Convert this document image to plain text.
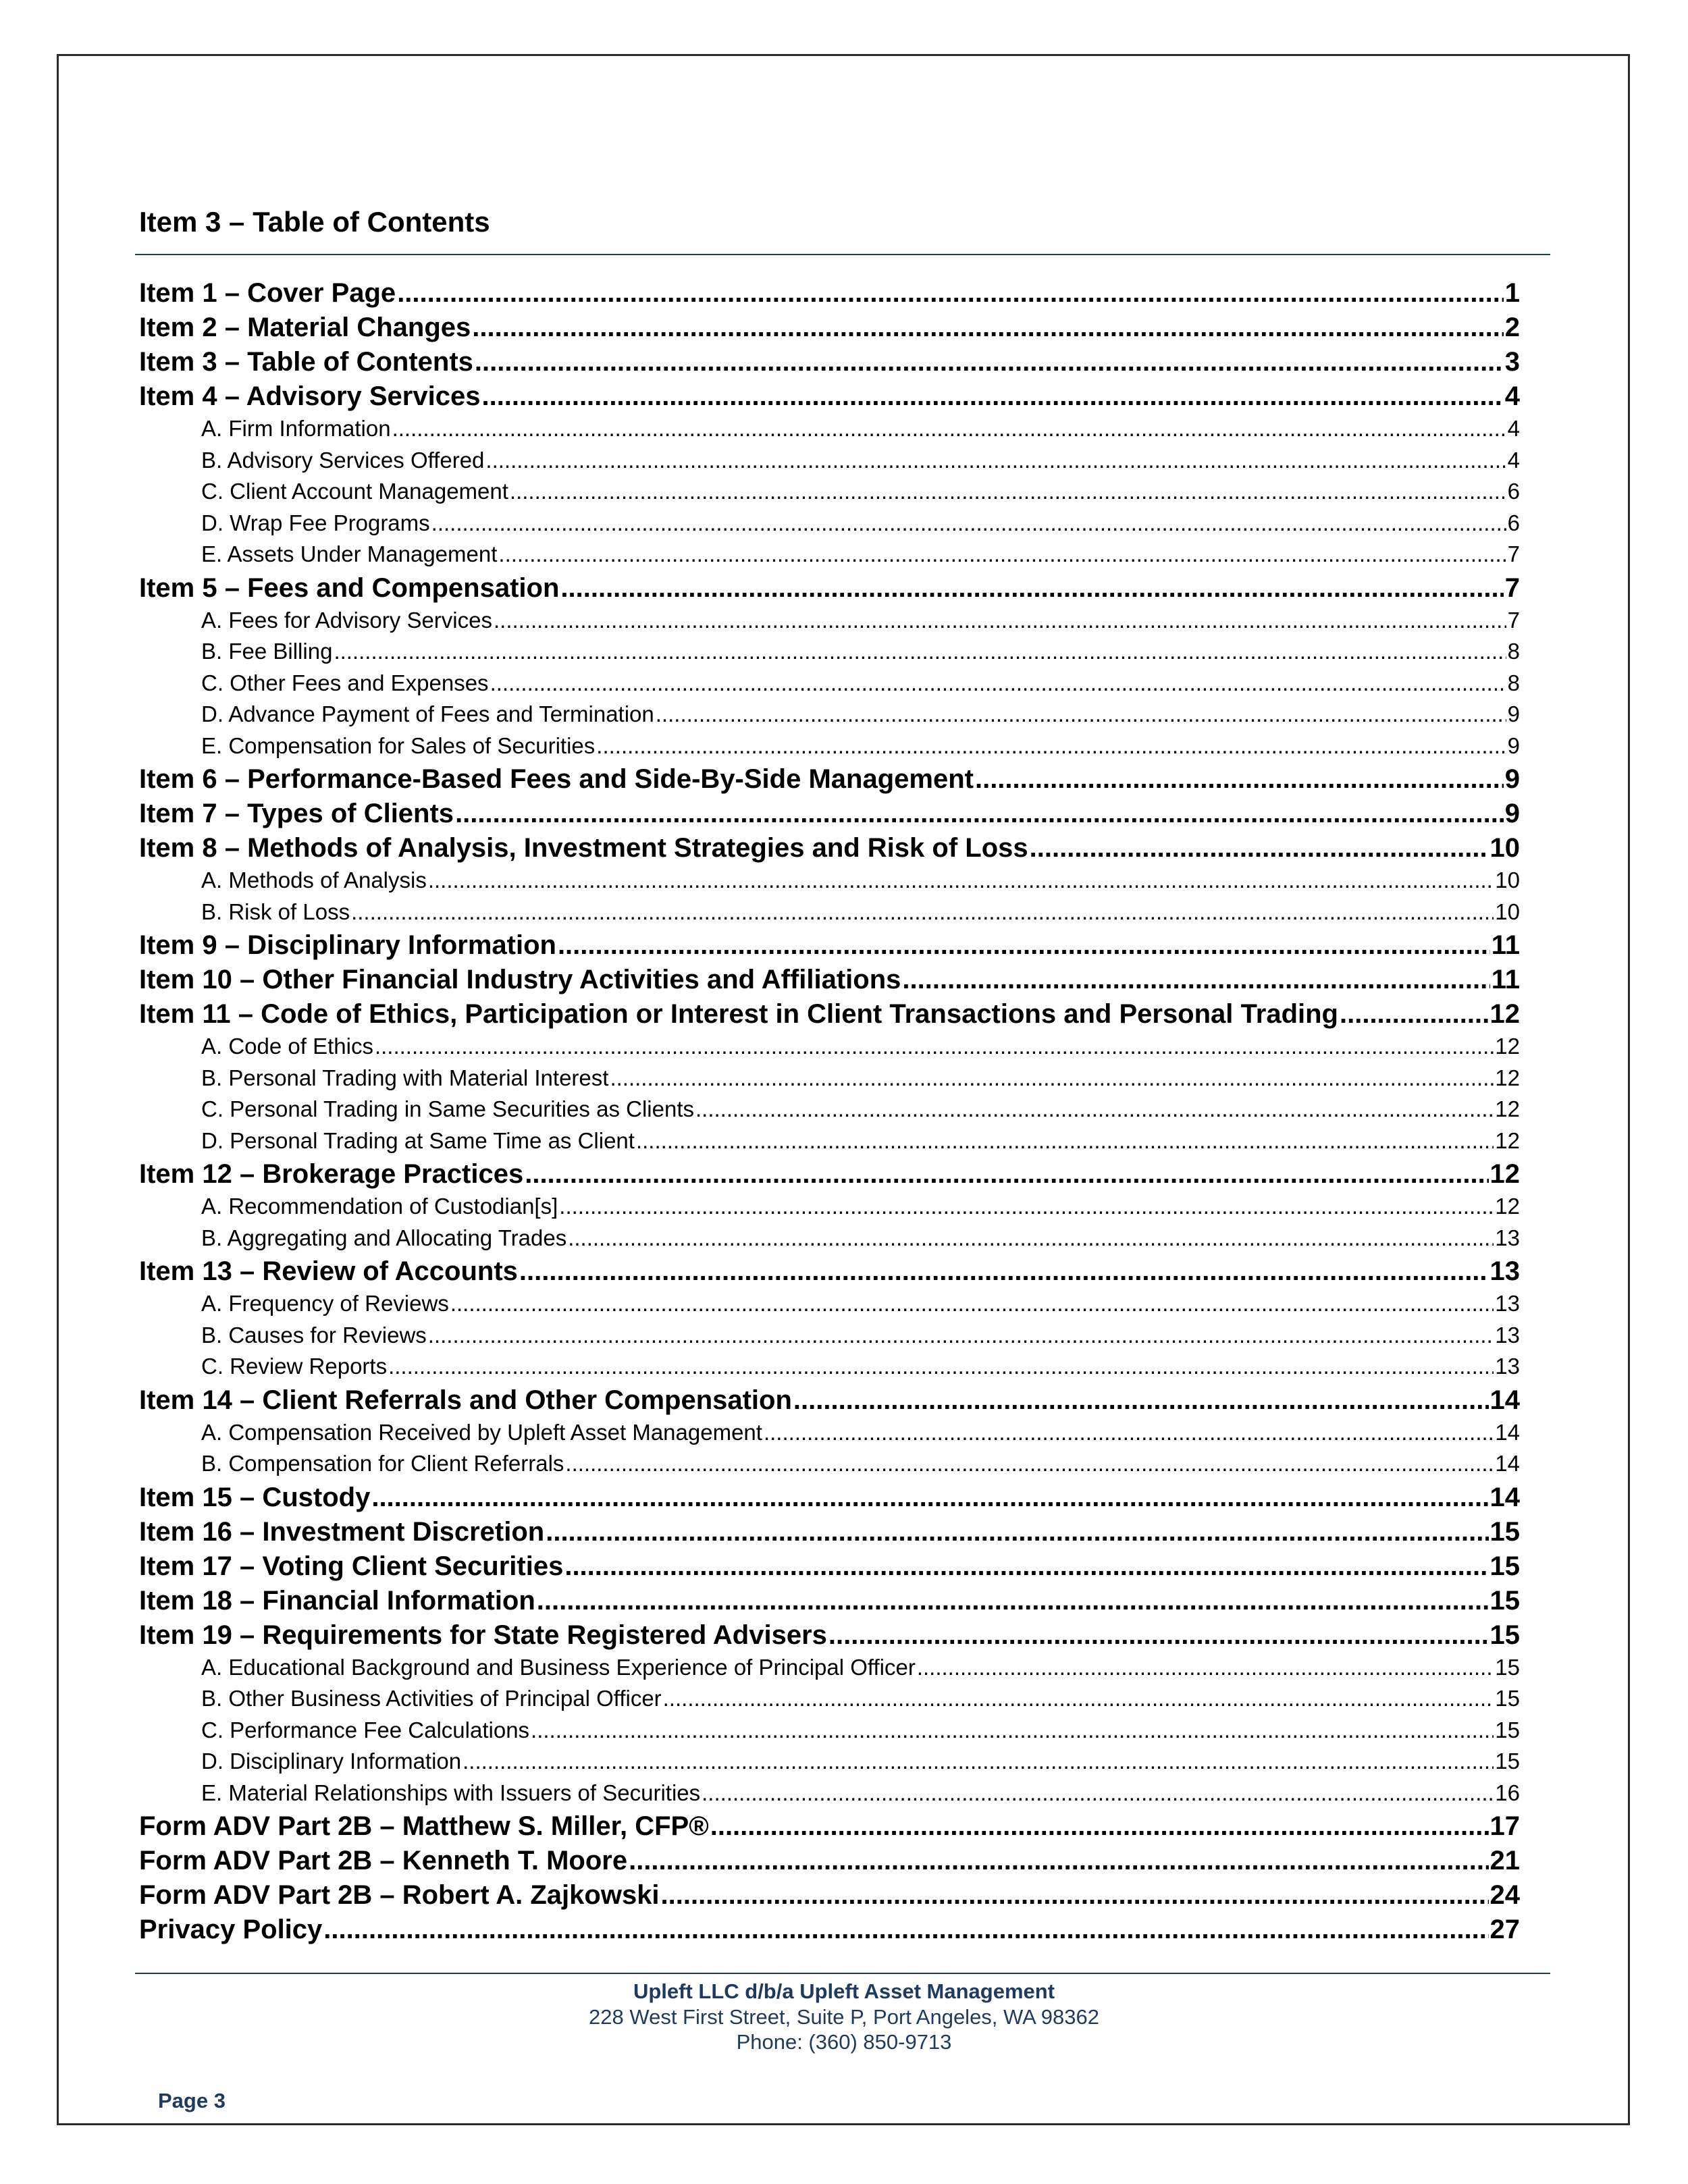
Item 3 – Table of Contents
Item 1 – Cover Page .....	1
Item 2 – Material Changes .....	2
Item 3 – Table of Contents .....	3
Item 4 – Advisory Services .....	4
A. Firm Information .....	4
B. Advisory Services Offered .....	4
C. Client Account Management .....	6
D. Wrap Fee Programs .....	6
E. Assets Under Management .....	7
Item 5 – Fees and Compensation .....	7
A. Fees for Advisory Services .....	7
B. Fee Billing .....	8
C. Other Fees and Expenses .....	8
D. Advance Payment of Fees and Termination .....	9
E. Compensation for Sales of Securities .....	9
Item 6 – Performance-Based Fees and Side-By-Side Management .....	9
Item 7 – Types of Clients .....	9
Item 8 – Methods of Analysis, Investment Strategies and Risk of Loss .....	10
A. Methods of Analysis .....	10
B. Risk of Loss .....	10
Item 9 – Disciplinary Information .....	11
Item 10 – Other Financial Industry Activities and Affiliations .....	11
Item 11 – Code of Ethics, Participation or Interest in Client Transactions and Personal Trading .....	12
A. Code of Ethics .....	12
B. Personal Trading with Material Interest .....	12
C. Personal Trading in Same Securities as Clients .....	12
D. Personal Trading at Same Time as Client .....	12
Item 12 – Brokerage Practices .....	12
A. Recommendation of Custodian[s] .....	12
B. Aggregating and Allocating Trades .....	13
Item 13 – Review of Accounts .....	13
A. Frequency of Reviews .....	13
B. Causes for Reviews .....	13
C. Review Reports .....	13
Item 14 – Client Referrals and Other Compensation .....	14
A. Compensation Received by Upleft Asset Management .....	14
B. Compensation for Client Referrals .....	14
Item 15 – Custody .....	14
Item 16 – Investment Discretion .....	15
Item 17 – Voting Client Securities .....	15
Item 18 – Financial Information .....	15
Item 19 – Requirements for State Registered Advisers .....	15
A. Educational Background and Business Experience of Principal Officer .....	15
B. Other Business Activities of Principal Officer .....	15
C. Performance Fee Calculations .....	15
D. Disciplinary Information .....	15
E. Material Relationships with Issuers of Securities .....	16
Form ADV Part 2B – Matthew S. Miller, CFP® .....	17
Form ADV Part 2B – Kenneth T. Moore .....	21
Form ADV Part 2B – Robert A. Zajkowski .....	24
Privacy Policy .....	27
Upleft LLC d/b/a Upleft Asset Management
228 West First Street, Suite P, Port Angeles, WA 98362
Phone: (360) 850-9713
Page 3
